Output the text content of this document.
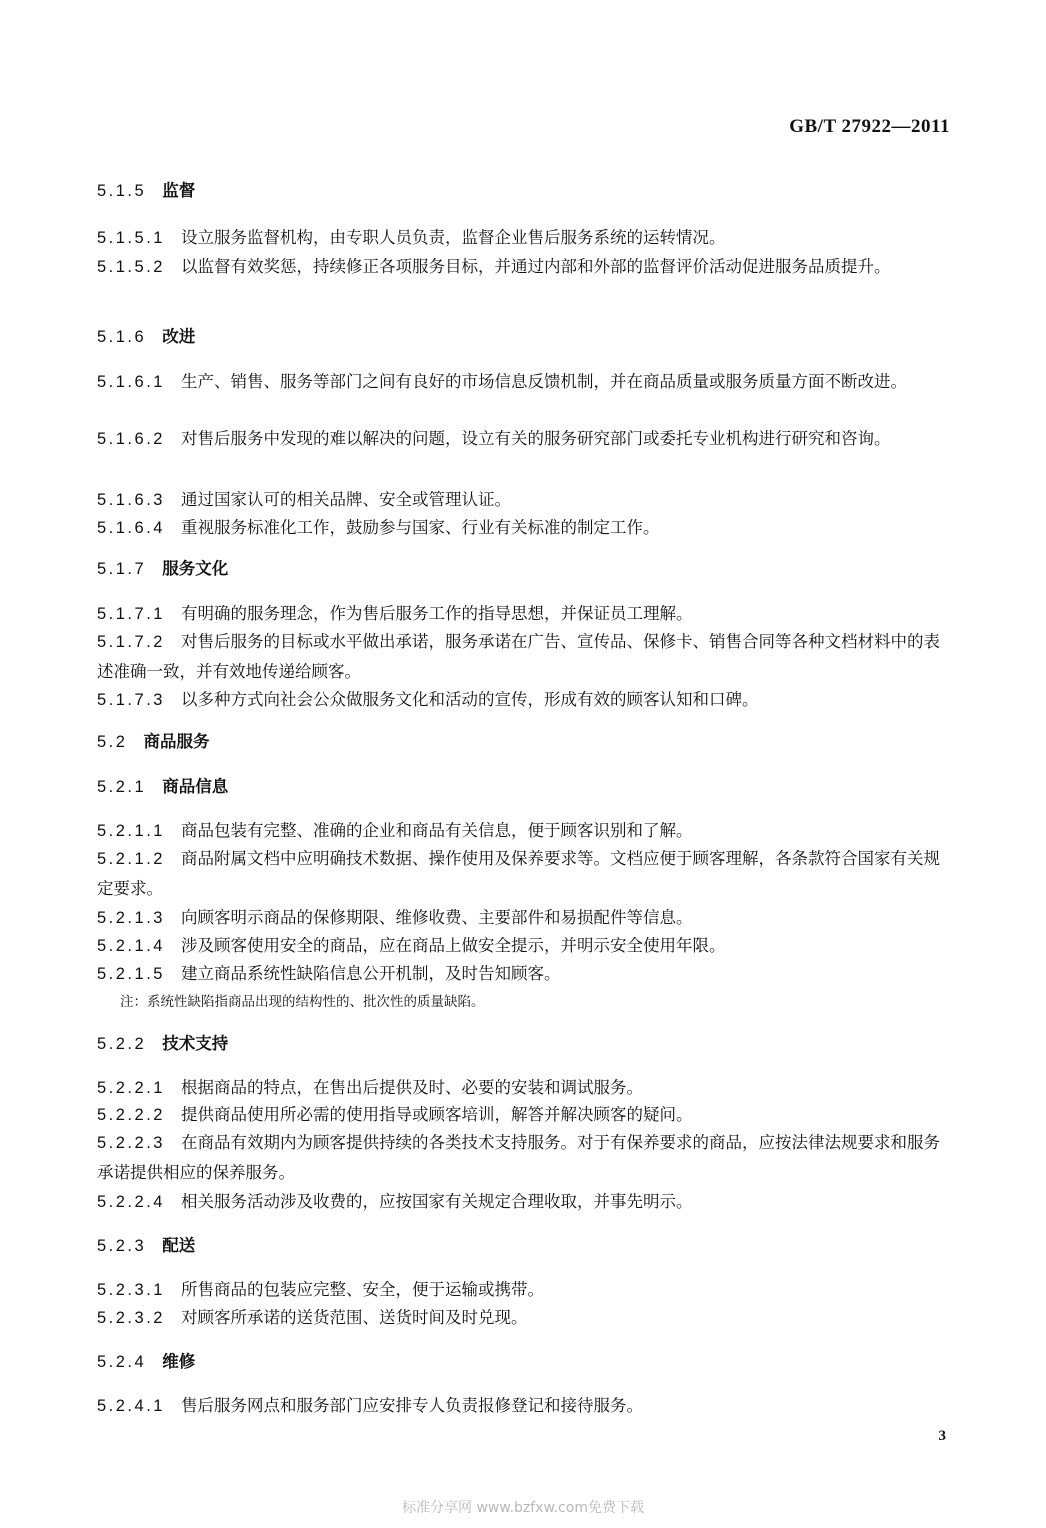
GB/T 27922—2011
5.1.5 监督
5.1.5.1 设立服务监督机构，由专职人员负责，监督企业售后服务系统的运转情况。
5.1.5.2 以监督有效奖惩，持续修正各项服务目标，并通过内部和外部的监督评价活动促进服务品质提升。
5.1.6 改进
5.1.6.1 生产、销售、服务等部门之间有良好的市场信息反馈机制，并在商品质量或服务质量方面不断改进。
5.1.6.2 对售后服务中发现的难以解决的问题，设立有关的服务研究部门或委托专业机构进行研究和咨询。
5.1.6.3 通过国家认可的相关品牌、安全或管理认证。
5.1.6.4 重视服务标准化工作，鼓励参与国家、行业有关标准的制定工作。
5.1.7 服务文化
5.1.7.1 有明确的服务理念，作为售后服务工作的指导思想，并保证员工理解。
5.1.7.2 对售后服务的目标或水平做出承诺，服务承诺在广告、宣传品、保修卡、销售合同等各种文档材料中的表述准确一致，并有效地传递给顾客。
5.1.7.3 以多种方式向社会公众做服务文化和活动的宣传，形成有效的顾客认知和口碑。
5.2 商品服务
5.2.1 商品信息
5.2.1.1 商品包装有完整、准确的企业和商品有关信息，便于顾客识别和了解。
5.2.1.2 商品附属文档中应明确技术数据、操作使用及保养要求等。文档应便于顾客理解，各条款符合国家有关规定要求。
5.2.1.3 向顾客明示商品的保修期限、维修收费、主要部件和易损配件等信息。
5.2.1.4 涉及顾客使用安全的商品，应在商品上做安全提示，并明示安全使用年限。
5.2.1.5 建立商品系统性缺陷信息公开机制，及时告知顾客。
注：系统性缺陷指商品出现的结构性的、批次性的质量缺陷。
5.2.2 技术支持
5.2.2.1 根据商品的特点，在售出后提供及时、必要的安装和调试服务。
5.2.2.2 提供商品使用所必需的使用指导或顾客培训，解答并解决顾客的疑问。
5.2.2.3 在商品有效期内为顾客提供持续的各类技术支持服务。对于有保养要求的商品，应按法律法规要求和服务承诺提供相应的保养服务。
5.2.2.4 相关服务活动涉及收费的，应按国家有关规定合理收取，并事先明示。
5.2.3 配送
5.2.3.1 所售商品的包装应完整、安全，便于运输或携带。
5.2.3.2 对顾客所承诺的送货范围、送货时间及时兑现。
5.2.4 维修
5.2.4.1 售后服务网点和服务部门应安排专人负责报修登记和接待服务。
3
标准分享网 www.bzfxw.com免费下载
